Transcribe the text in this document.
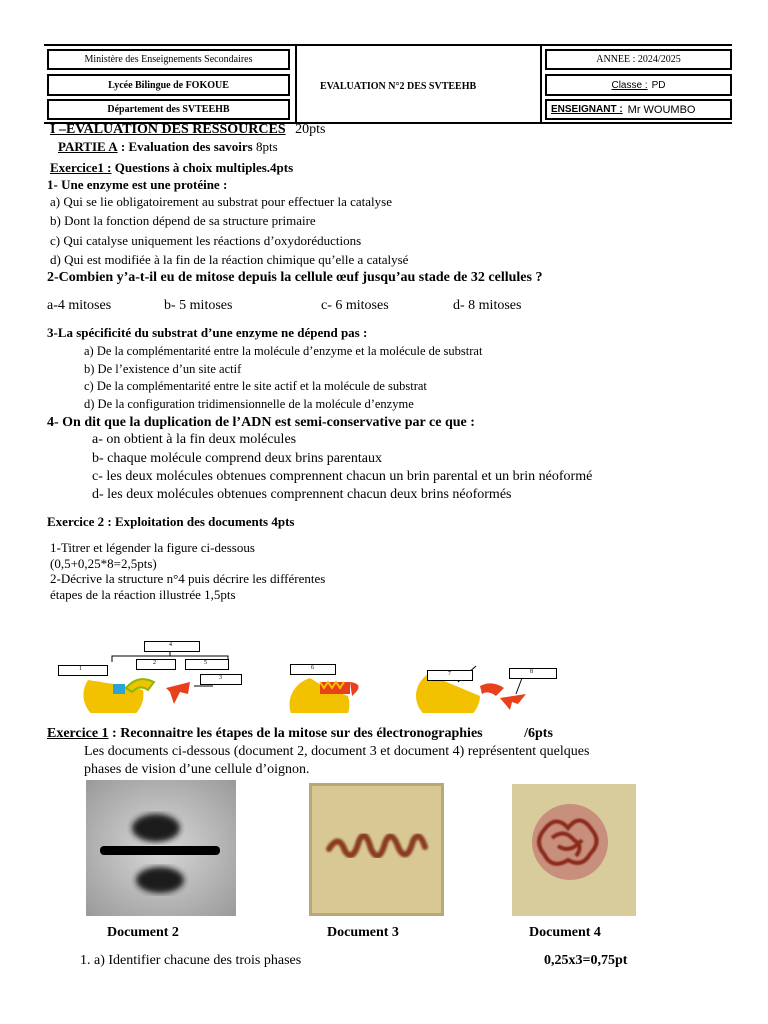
Ministère des Enseignements Secondaires
Lycée Bilingue de FOKOUE
Département des SVTEEHB
EVALUATION N°2 DES SVTEEHB
ANNEE : 2024/2025
Classe : PD
ENSEIGNANT : Mr WOUMBO
I –EVALUATION DES RESSOURCES 20pts
PARTIE A : Evaluation des savoirs 8pts
Exercice1 : Questions à choix multiples.4pts
1- Une enzyme est une protéine :
a) Qui se lie obligatoirement au substrat pour effectuer la catalyse
b) Dont la fonction dépend de sa structure primaire
c) Qui catalyse uniquement les réactions d’oxydoréductions
d) Qui est modifiée à la fin de la réaction chimique qu’elle a catalysé
2-Combien y’a-t-il eu de mitose depuis la cellule œuf jusqu’au stade de 32 cellules ?
a-4 mitoses	b- 5 mitoses	c- 6 mitoses	d- 8 mitoses
3-La spécificité du substrat d’une enzyme ne dépend pas :
a) De la complémentarité entre la molécule d’enzyme et la molécule de substrat
b) De l’existence d’un site actif
c) De la complémentarité entre le site actif et la molécule de substrat
d) De la configuration tridimensionnelle de la molécule d’enzyme
4- On dit que la duplication de l’ADN est semi-conservative par ce que :
a- on obtient à la fin deux molécules
b- chaque molécule comprend deux brins parentaux
c- les deux molécules obtenues comprennent chacun un brin parental et un brin néoformé
d- les deux molécules obtenues comprennent chacun deux brins néoformés
Exercice 2 : Exploitation des documents 4pts
1-Titrer et légender la figure ci-dessous
(0,5+0,25*8=2,5pts)
2-Décrive la structure n°4 puis décrire les différentes
étapes de la réaction illustrée 1,5pts
1
2
4
5
3
6
7	8
Exercice 1 : Reconnaitre les étapes de la mitose sur des électronographies	/6pts
Les documents ci-dessous (document 2, document 3 et document 4) représentent quelques
phases de vision d’une cellule d’oignon.
Document 2	Document 3	Document 4
1. a) Identifier chacune des trois phases	0,25x3=0,75pt
